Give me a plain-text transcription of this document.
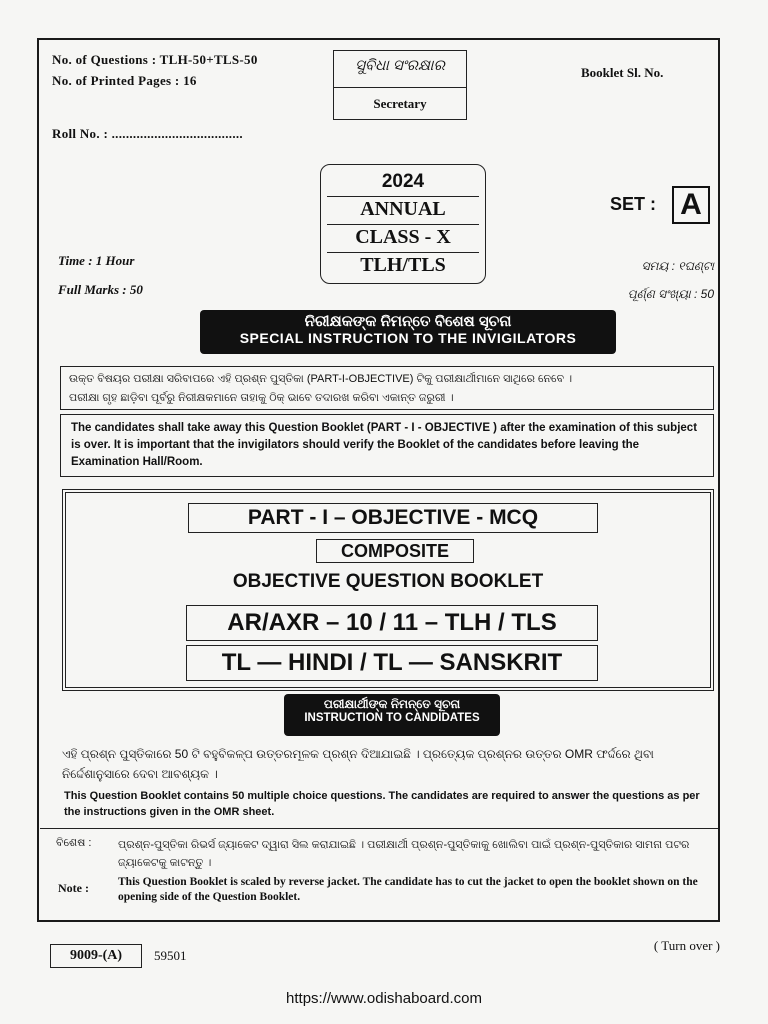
No. of Questions : TLH-50+TLS-50
No. of Printed Pages : 16
Roll No. : .....................................
ସୁବିଧା ସଂରକ୍ଷାର
Secretary
Booklet Sl. No.
2024
ANNUAL
CLASS - X
TLH/TLS
SET : A
Time : 1 Hour
Full Marks : 50
ସମୟ : ୧ଘଣ୍ଟା
ପୂର୍ଣ୍ଣ ସଂଖ୍ୟା : 50
ନିରୀକ୍ଷକଙ୍କ ନିମନ୍ତେ ବିଶେଷ ସୂଚନା
SPECIAL INSTRUCTION TO THE INVIGILATORS
ଉକ୍ତ ବିଷୟର ପରୀକ୍ଷା ସରିବାପରେ ଏହି ପ୍ରଶ୍ନ ପୁସ୍ତିକା (PART-I-OBJECTIVE) ଟିକୁ ପରୀକ୍ଷାର୍ଥୀମାନେ ସାଥିରେ ନେବେ ।
ପରୀକ୍ଷା ଗୃହ ଛାଡ଼ିବା ପୂର୍ବରୁ ନିରୀକ୍ଷକମାନେ ତାହାକୁ ଠିକ୍ ଭାବେ ତଦାରଖ କରିବା ଏକାନ୍ତ ଜରୁରୀ ।
The candidates shall take away this Question Booklet (PART - I - OBJECTIVE ) after the examination of this subject is over. It is important that the invigilators should verify the Booklet of the candidates before leaving the Examination Hall/Room.
PART - I – OBJECTIVE - MCQ
COMPOSITE
OBJECTIVE QUESTION BOOKLET
AR/AXR – 10 / 11 – TLH / TLS
TL — HINDI / TL — SANSKRIT
ପରୀକ୍ଷାର୍ଥୀଙ୍କ ନିମନ୍ତେ ସୂଚନା
INSTRUCTION TO CANDIDATES
ଏହି ପ୍ରଶ୍ନ ପୁସ୍ତିକାରେ 50 ଟି ବହୁବିକଳ୍ପ ଉତ୍ତରମୂଳକ ପ୍ରଶ୍ନ ଦିଆଯାଇଛି । ପ୍ରତ୍ୟେକ ପ୍ରଶ୍ନର ଉତ୍ତର OMR ଫର୍ଦ୍ଦରେ ଥିବା ନିର୍ଦ୍ଦେଶାନୁସାରେ ଦେବା ଆବଶ୍ୟକ ।
This Question Booklet contains 50 multiple choice questions. The candidates are required to answer the questions as per the instructions given in the OMR sheet.
ବିଶେଷ : ପ୍ରଶ୍ନ-ପୁସ୍ତିକା ରିଭର୍ସ ଜ୍ୟାକେଟ ଦ୍ୱାରା ସିଲ କରାଯାଇଛି । ପରୀକ୍ଷାର୍ଥୀ ପ୍ରଶ୍ନ-ପୁସ୍ତିକାକୁ ଖୋଲିବା ପାଇଁ ପ୍ରଶ୍ନ-ପୁସ୍ତିକାର ସାମନା ପଟର ଜ୍ୟାକେଟକୁ କାଟନ୍ତୁ ।
Note :	This Question Booklet is scaled by reverse jacket. The candidate has to cut the jacket to open the booklet shown on the opening side of the Question Booklet.
9009-(A)	59501
( Turn over )
https://www.odishaboard.com
